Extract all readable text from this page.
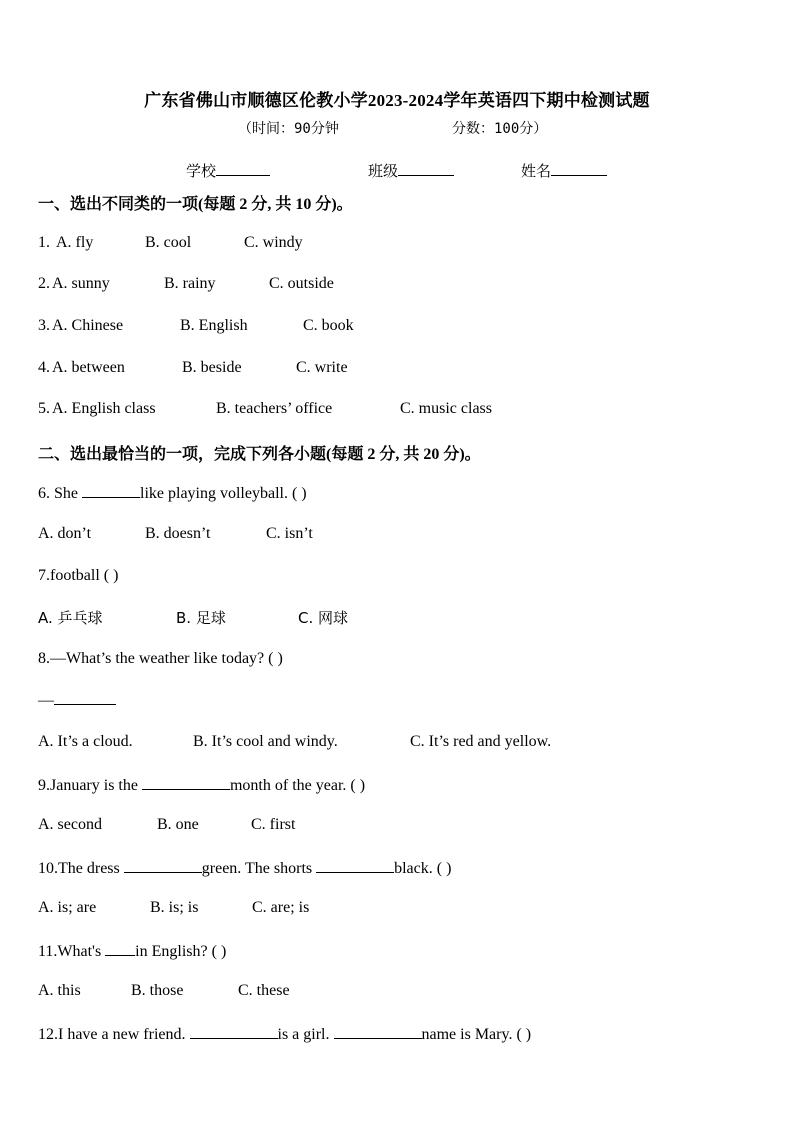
广东省佛山市顺德区伦教小学2023-2024学年英语四下期中检测试题
（时间：90分钟	分数：100分）
学校	班级	姓名
一、选出不同类的一项(每题 2 分, 共 10 分)。
1. A. fly	B. cool	C. windy
2. A. sunny	B. rainy	C. outside
3. A. Chinese	B. English	C. book
4. A. between	B. beside	C. write
5. A. English class	B. teachers’ office	C. music class
二、选出最恰当的一项，完成下列各小题(每题 2 分, 共 20 分)。
6. She	like playing volleyball. ( )
A. don’t	B. doesn’t	C. isn’t
7.football ( )
A. 乒乓球	B. 足球	C. 网球
8.—What’s the weather like today? ( )
—
A. It’s a cloud.	B. It’s cool and windy.	C. It’s red and yellow.
9.January is the	month of the year. ( )
A. second	B. one	C. first
10.The dress	green. The shorts	black. ( )
A. is; are	B. is; is	C. are; is
11.What's in English? ( )
A. this	B. those	C. these
12.I have a new friend.	is a girl.	name is Mary. ( )
